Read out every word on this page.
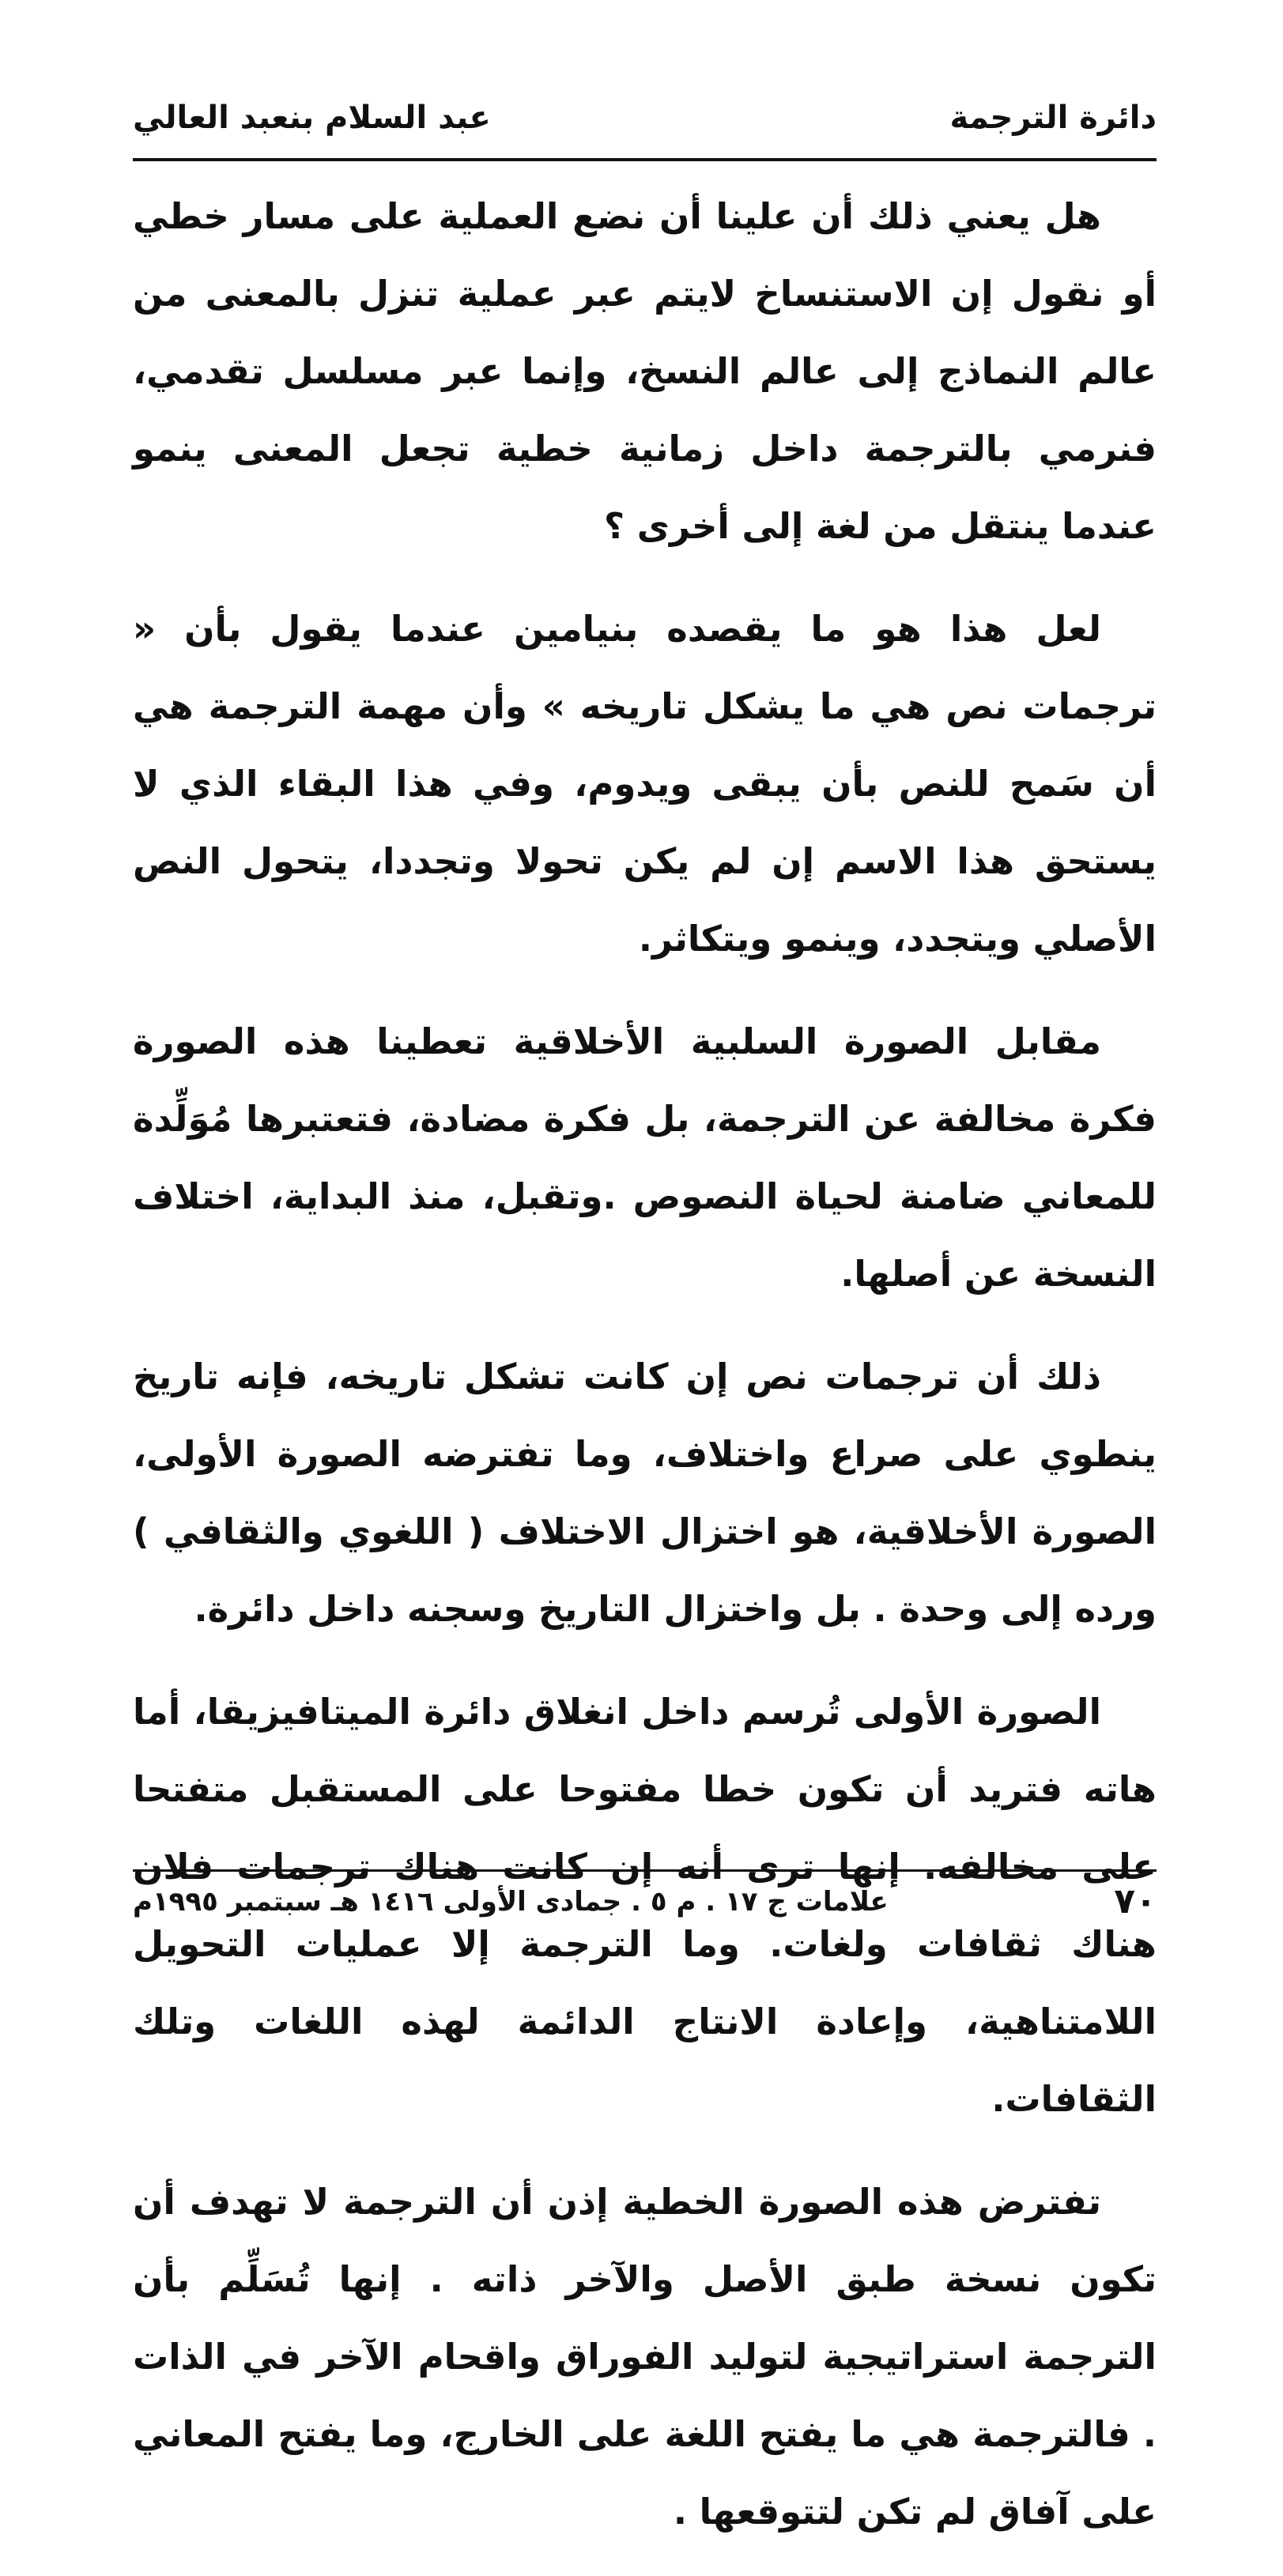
دائرة الترجمة
عبد السلام بنعبد العالي

هل يعني ذلك أن علينا أن نضع العملية على مسار خطي أو نقول إن الاستنساخ لايتم عبر عملية تنزل بالمعنى من عالم النماذج إلى عالم النسخ، وإنما عبر مسلسل تقدمي، فنرمي بالترجمة داخل زمانية خطية تجعل المعنى ينمو عندما ينتقل من لغة إلى أخرى ؟

لعل هذا هو ما يقصده بنيامين عندما يقول بأن « ترجمات نص هي ما يشكل تاريخه » وأن مهمة الترجمة هي أن سَمح للنص بأن يبقى ويدوم، وفي هذا البقاء الذي لا يستحق هذا الاسم إن لم يكن تحولا وتجددا، يتحول النص الأصلي ويتجدد، وينمو ويتكاثر.

مقابل الصورة السلبية الأخلاقية تعطينا هذه الصورة فكرة مخالفة عن الترجمة، بل فكرة مضادة، فتعتبرها مُوَلِّدة للمعاني ضامنة لحياة النصوص .وتقبل، منذ البداية، اختلاف النسخة عن أصلها.

ذلك أن ترجمات نص إن كانت تشكل تاريخه، فإنه تاريخ ينطوي على صراع واختلاف، وما تفترضه الصورة الأولى، الصورة الأخلاقية، هو اختزال الاختلاف ( اللغوي والثقافي ) ورده إلى وحدة . بل واختزال التاريخ وسجنه داخل دائرة.

الصورة الأولى تُرسم داخل انغلاق دائرة الميتافيزيقا، أما هاته فتريد أن تكون خطا مفتوحا على المستقبل متفتحا على مخالفه. إنها ترى أنه إن كانت هناك ترجمات فلان هناك ثقافات ولغات. وما الترجمة إلا عمليات التحويل اللامتناهية، وإعادة الانتاج الدائمة لهذه اللغات وتلك الثقافات.

تفترض هذه الصورة الخطية إذن أن الترجمة لا تهدف أن تكون نسخة طبق الأصل والآخر ذاته . إنها تُسَلِّم بأن الترجمة استراتيجية لتوليد الفوراق واقحام الآخر في الذات . فالترجمة هي ما يفتح اللغة على الخارج، وما يفتح المعاني على آفاق لم تكن لتتوقعها .

٧٠
علامات ج ١٧ . م ٥ . جمادى الأولى ١٤١٦ هـ سبتمبر ١٩٩٥م
